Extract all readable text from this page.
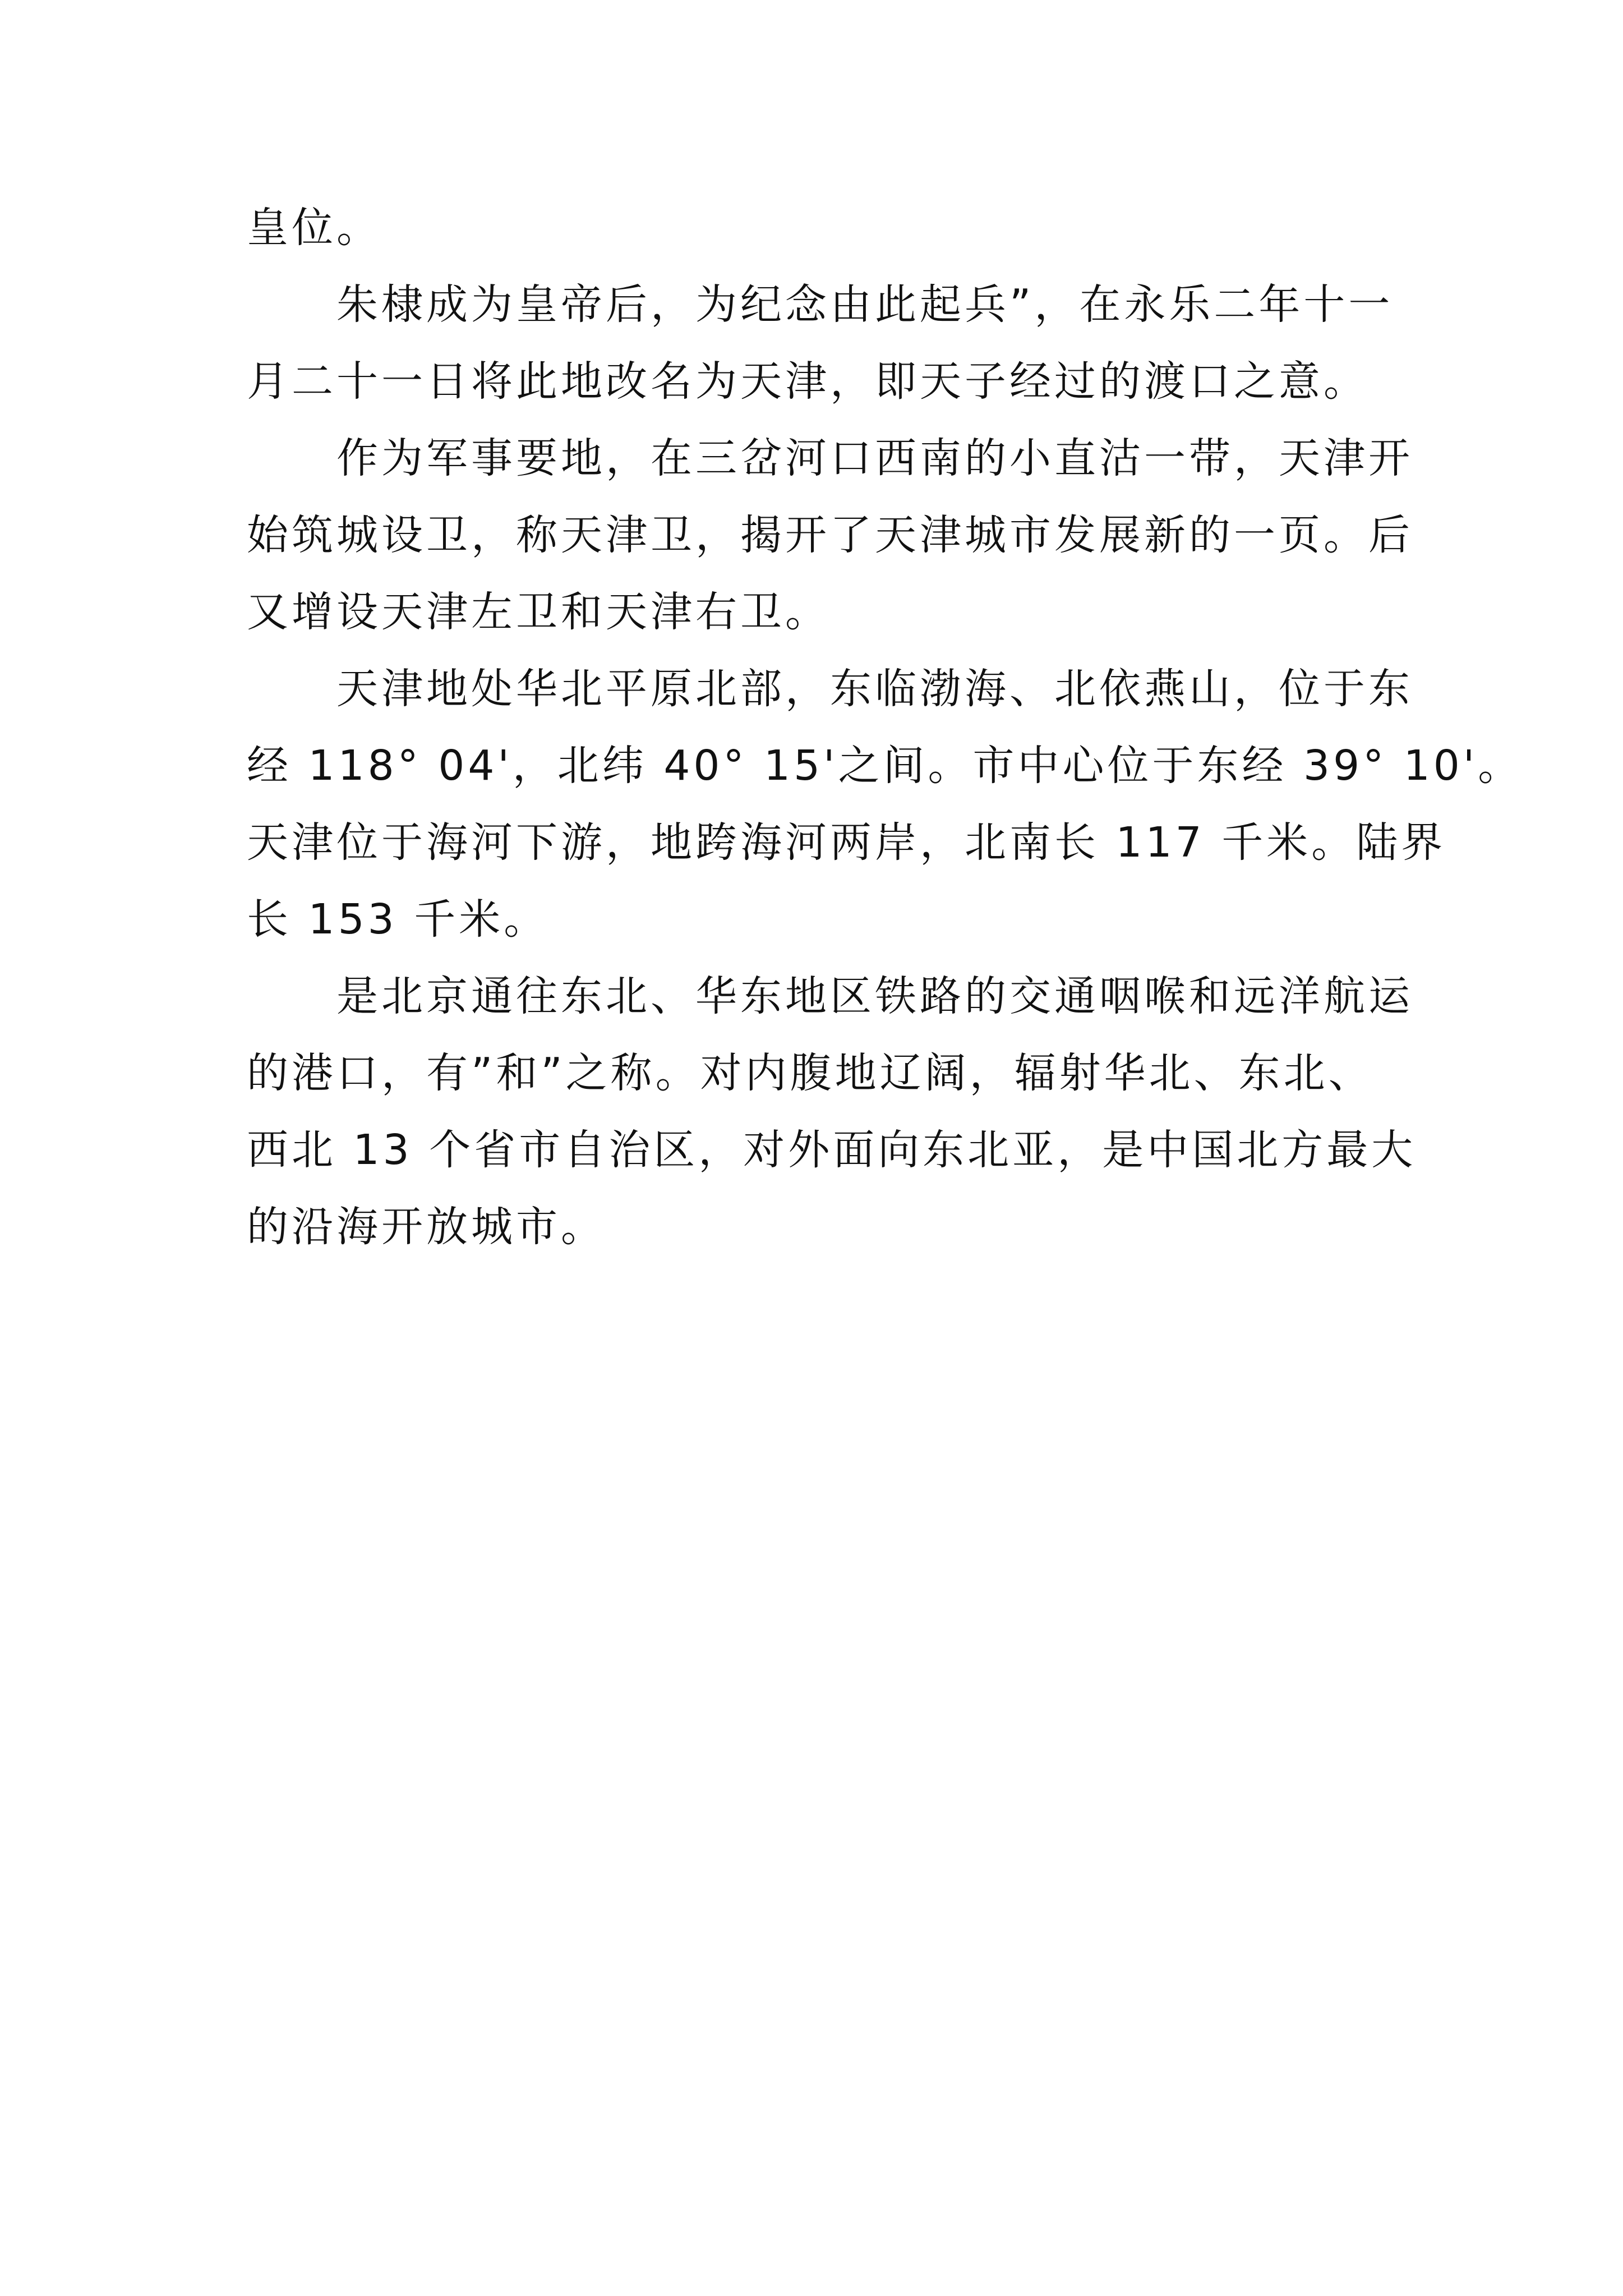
皇位。
朱棣成为皇帝后，为纪念由此起兵”，在永乐二年十一
月二十一日将此地改名为天津，即天子经过的渡口之意。
作为军事要地，在三岔河口西南的小直沽一带，天津开
始筑城设卫，称天津卫，揭开了天津城市发展新的一页。后
又增设天津左卫和天津右卫。
天津地处华北平原北部，东临渤海、北依燕山，位于东
经 118° 04'，北纬 40° 15'之间。市中心位于东经 39° 10'。
天津位于海河下游，地跨海河两岸，北南长 117 千米。陆界
长 153 千米。
是北京通往东北、华东地区铁路的交通咽喉和远洋航运
的港口，有”和”之称。对内腹地辽阔，辐射华北、东北、
西北 13 个省市自治区，对外面向东北亚，是中国北方最大
的沿海开放城市。
